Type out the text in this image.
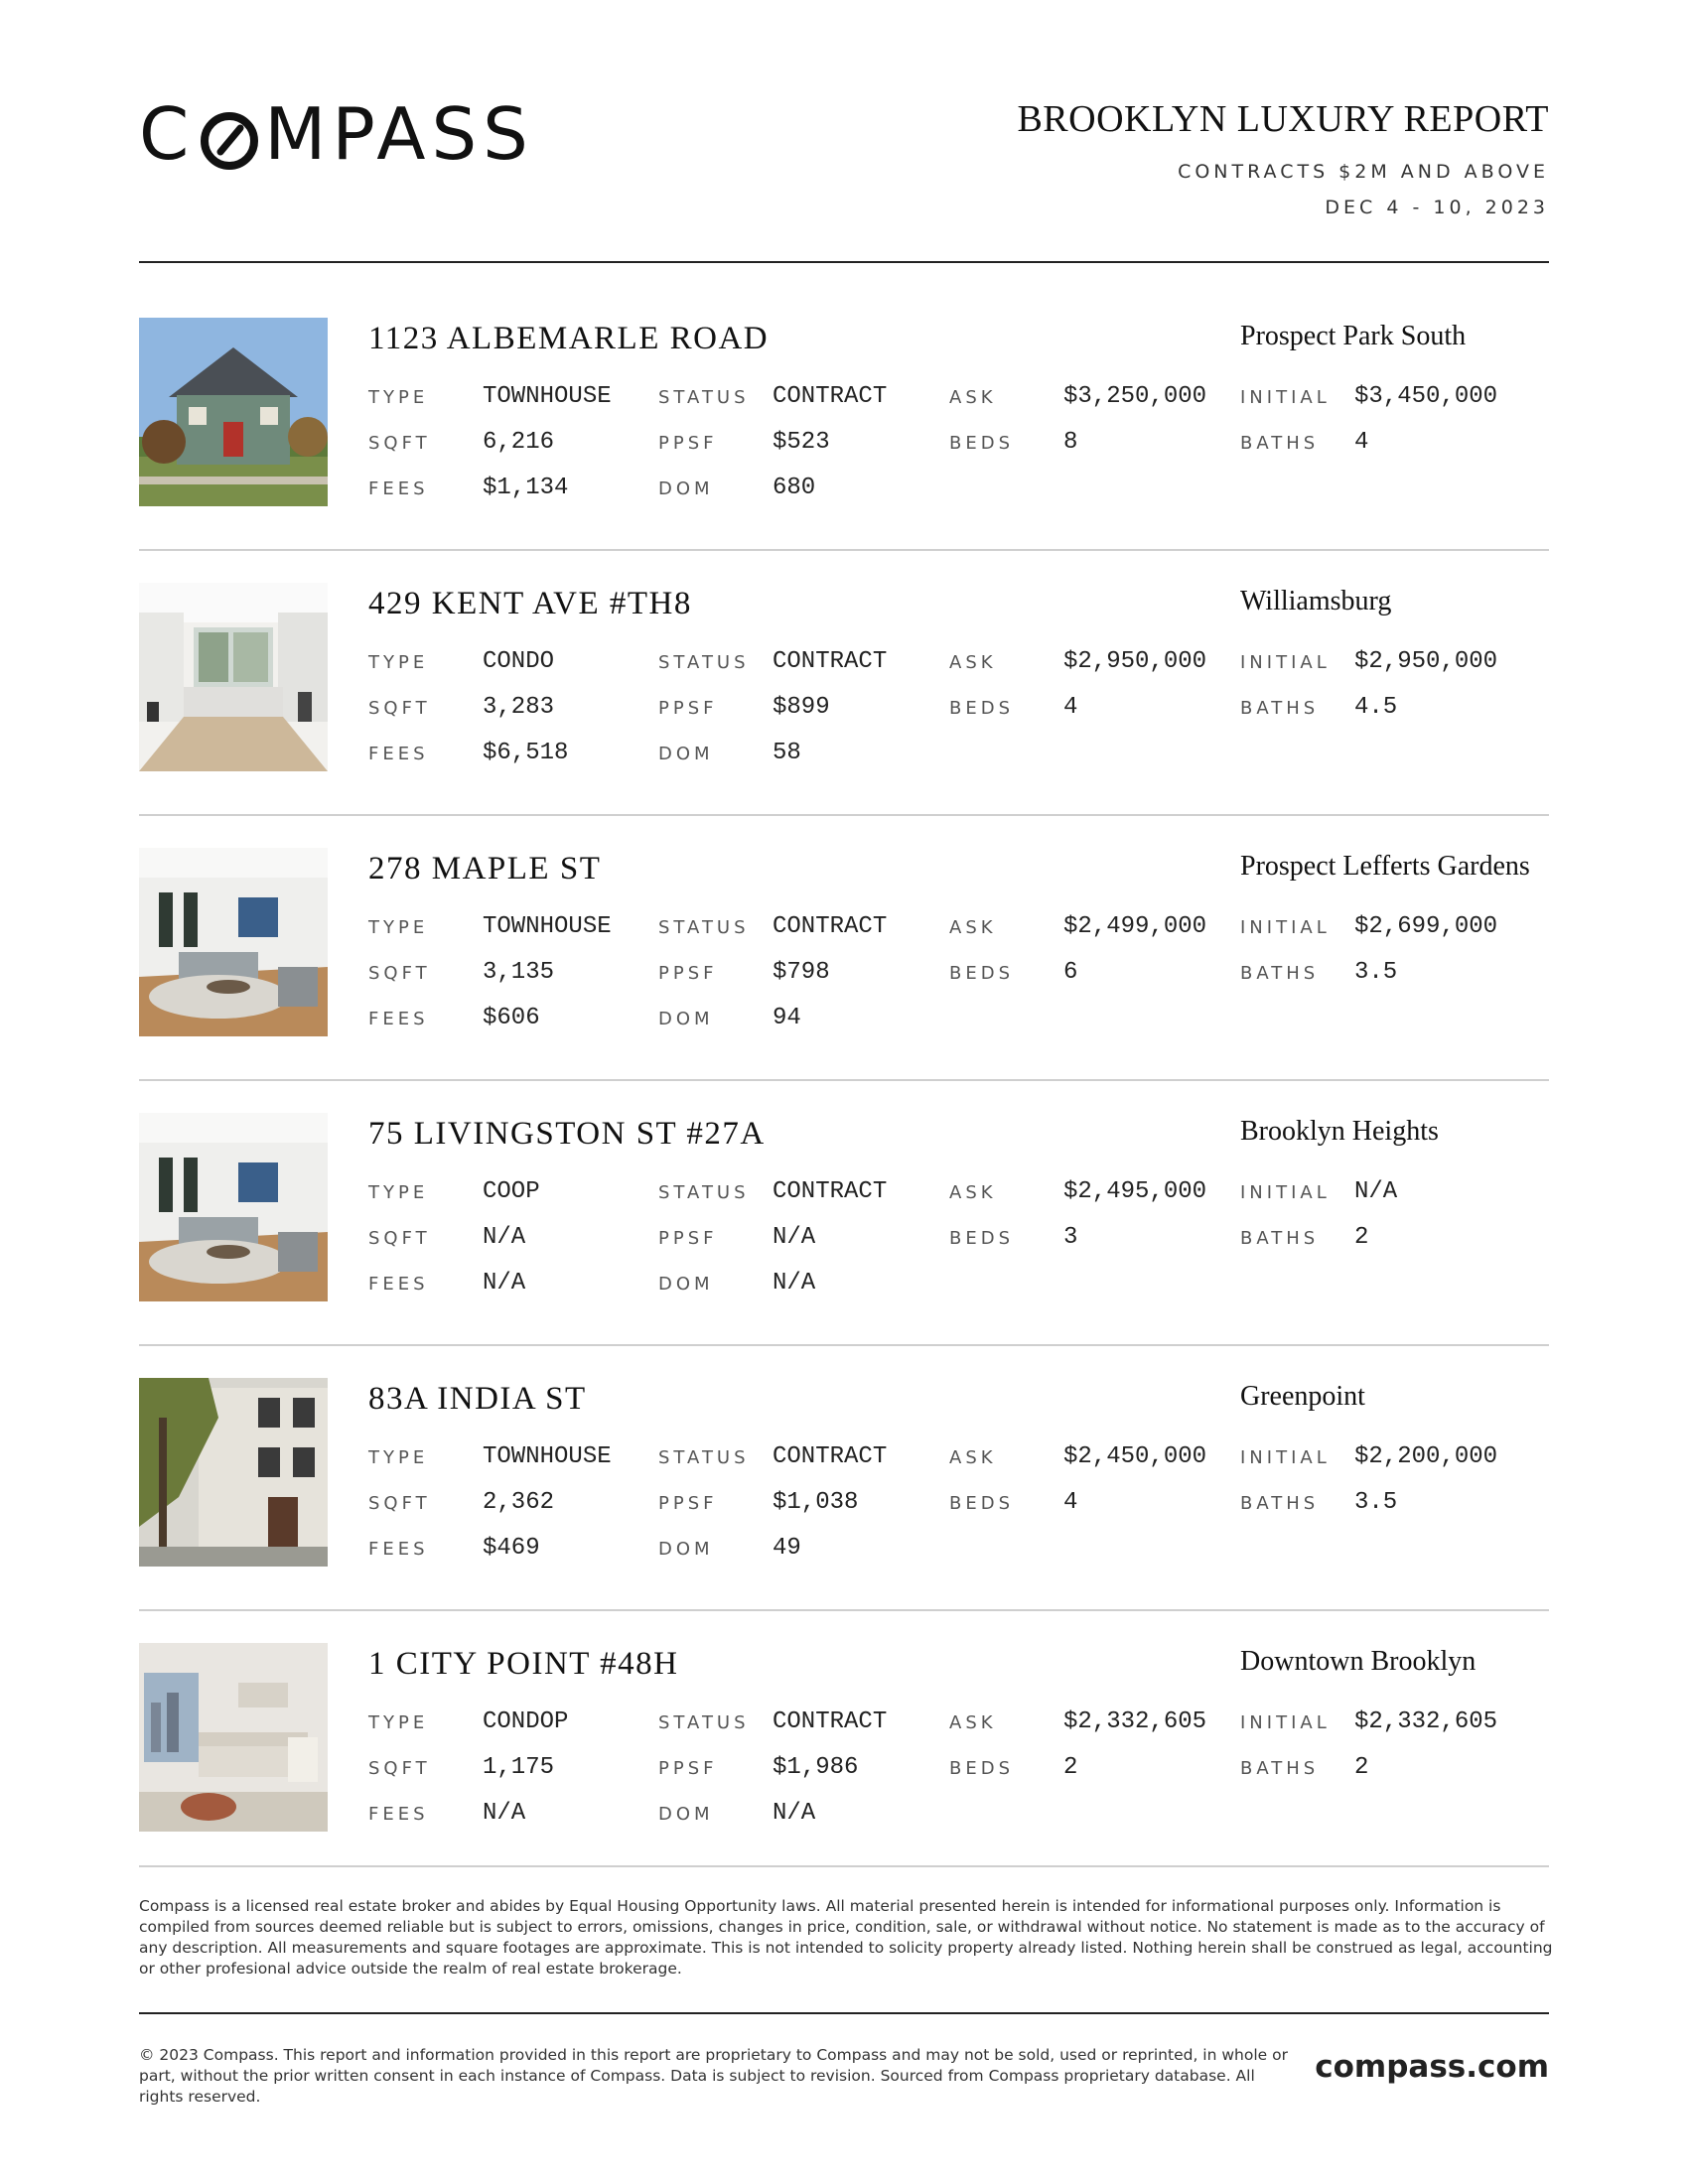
C MPASS	BROOKLYN LUXURY REPORT
CONTRACTS $2M AND ABOVE
DEC 4 - 10, 2023
1123 ALBEMARLE ROAD	Prospect Park South
TYPE TOWNHOUSE	STATUS CONTRACT	ASK	$3,250,000 INITIAL $3,450,000
SQFT 6,216	PPSF $523	BEDS 8	BATHS 4
FEES $1,134	DOM 680
429 KENT AVE #TH8	Williamsburg
TYPE CONDO	STATUS CONTRACT	ASK	$2,950,000 INITIAL $2,950,000
SQFT 3,283	PPSF $899	BEDS 4	BATHS 4.5
FEES $6,518	DOM 58
278 MAPLE ST	Prospect Lefferts Gardens
TYPE TOWNHOUSE	STATUS CONTRACT	ASK	$2,499,000 INITIAL $2,699,000
SQFT 3,135	PPSF $798	BEDS 6	BATHS 3.5
FEES $606	DOM 94
75 LIVINGSTON ST #27A	Brooklyn Heights
TYPE COOP	STATUS CONTRACT	ASK	$2,495,000 INITIAL N/A
SQFT N/A	PPSF N/A	BEDS 3	BATHS 2
FEES N/A	DOM N/A
83A INDIA ST	Greenpoint
TYPE TOWNHOUSE	STATUS CONTRACT	ASK	$2,450,000 INITIAL $2,200,000
SQFT 2,362	PPSF $1,038	BEDS 4	BATHS 3.5
FEES $469	DOM 49
1 CITY POINT #48H	Downtown Brooklyn
TYPE CONDOP	STATUS CONTRACT	ASK	$2,332,605 INITIAL $2,332,605
SQFT 1,175	PPSF $1,986	BEDS 2	BATHS 2
FEES N/A	DOM N/A
Compass is a licensed real estate broker and abides by Equal Housing Opportunity laws. All material presented herein is intended for informational purposes only. Information is compiled from sources deemed reliable but is subject to errors, omissions, changes in price, condition, sale, or withdrawal without notice. No statement is made as to the accuracy of any description. All measurements and square footages are approximate. This is not intended to solicity property already listed. Nothing herein shall be construed as legal, accounting or other profesional advice outside the realm of real estate brokerage.
© 2023 Compass. This report and information provided in this report are proprietary to Compass and may not be sold, used or reprinted, in whole or part, without the prior written consent in each instance of Compass. Data is subject to revision. Sourced from Compass proprietary database. All rights reserved.
compass.com
